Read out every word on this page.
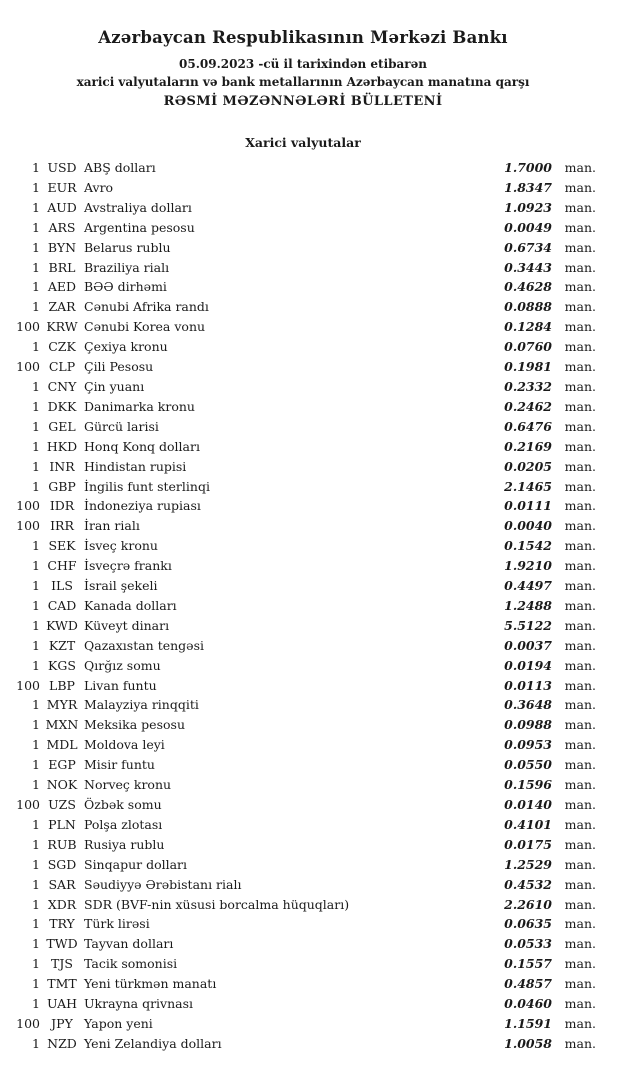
Azərbaycan Respublikasının Mərkəzi Bankı
05.09.2023 -cü il tarixindən etibarən
xarici valyutaların və bank metallarının Azərbaycan manatına qarşı
RƏSMİ MƏZƏNNƏLƏRİ BÜLLETENİ
Xarici valyutalar
1	USD	ABŞ dolları	1.7000	man.
1	EUR	Avro	1.8347	man.
1	AUD	Avstraliya dolları	1.0923	man.
1	ARS	Argentina pesosu	0.0049	man.
1	BYN	Belarus rublu	0.6734	man.
1	BRL	Braziliya rialı	0.3443	man.
1	AED	BƏƏ dirhəmi	0.4628	man.
1	ZAR	Cənubi Afrika randı	0.0888	man.
100	KRW	Cənubi Korea vonu	0.1284	man.
1	CZK	Çexiya kronu	0.0760	man.
100	CLP	Çili Pesosu	0.1981	man.
1	CNY	Çin yuanı	0.2332	man.
1	DKK	Danimarka kronu	0.2462	man.
1	GEL	Gürcü larisi	0.6476	man.
1	HKD	Honq Konq dolları	0.2169	man.
1	INR	Hindistan rupisi	0.0205	man.
1	GBP	İngilis funt sterlinqi	2.1465	man.
100	IDR	İndoneziya rupiası	0.0111	man.
100	IRR	İran rialı	0.0040	man.
1	SEK	İsveç kronu	0.1542	man.
1	CHF	İsveçrə frankı	1.9210	man.
1	ILS	İsrail şekeli	0.4497	man.
1	CAD	Kanada dolları	1.2488	man.
1	KWD	Küveyt dinarı	5.5122	man.
1	KZT	Qazaxıstan tengəsi	0.0037	man.
1	KGS	Qırğız somu	0.0194	man.
100	LBP	Livan funtu	0.0113	man.
1	MYR	Malayziya rinqqiti	0.3648	man.
1	MXN	Meksika pesosu	0.0988	man.
1	MDL	Moldova leyi	0.0953	man.
1	EGP	Misir funtu	0.0550	man.
1	NOK	Norveç kronu	0.1596	man.
100	UZS	Özbək somu	0.0140	man.
1	PLN	Polşa zlotası	0.4101	man.
1	RUB	Rusiya rublu	0.0175	man.
1	SGD	Sinqapur dolları	1.2529	man.
1	SAR	Səudiyyə Ərəbistanı rialı	0.4532	man.
1	XDR	SDR (BVF-nin xüsusi borcalma hüquqları)	2.2610	man.
1	TRY	Türk lirəsi	0.0635	man.
1	TWD	Tayvan dolları	0.0533	man.
1	TJS	Tacik somonisi	0.1557	man.
1	TMT	Yeni türkmən manatı	0.4857	man.
1	UAH	Ukrayna qrivnası	0.0460	man.
100	JPY	Yapon yeni	1.1591	man.
1	NZD	Yeni Zelandiya dolları	1.0058	man.
